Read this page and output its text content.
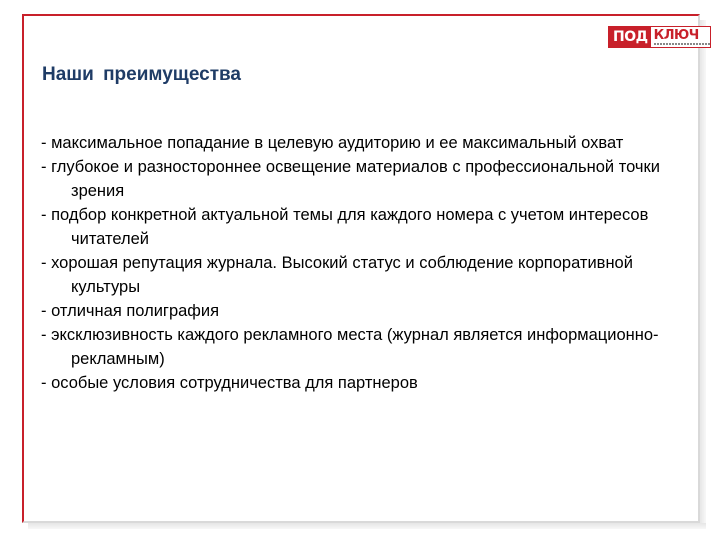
ПОД КЛЮЧ
Наши преимущества
- максимальное попадание в целевую аудиторию и ее максимальный охват
- глубокое и разностороннее освещение материалов с профессиональной точки зрения
- подбор конкретной актуальной темы для каждого номера с учетом интересов читателей
- хорошая репутация журнала. Высокий статус и соблюдение корпоративной культуры
- отличная полиграфия
- эксклюзивность каждого рекламного места (журнал является информационно-рекламным)
- особые условия сотрудничества для партнеров
